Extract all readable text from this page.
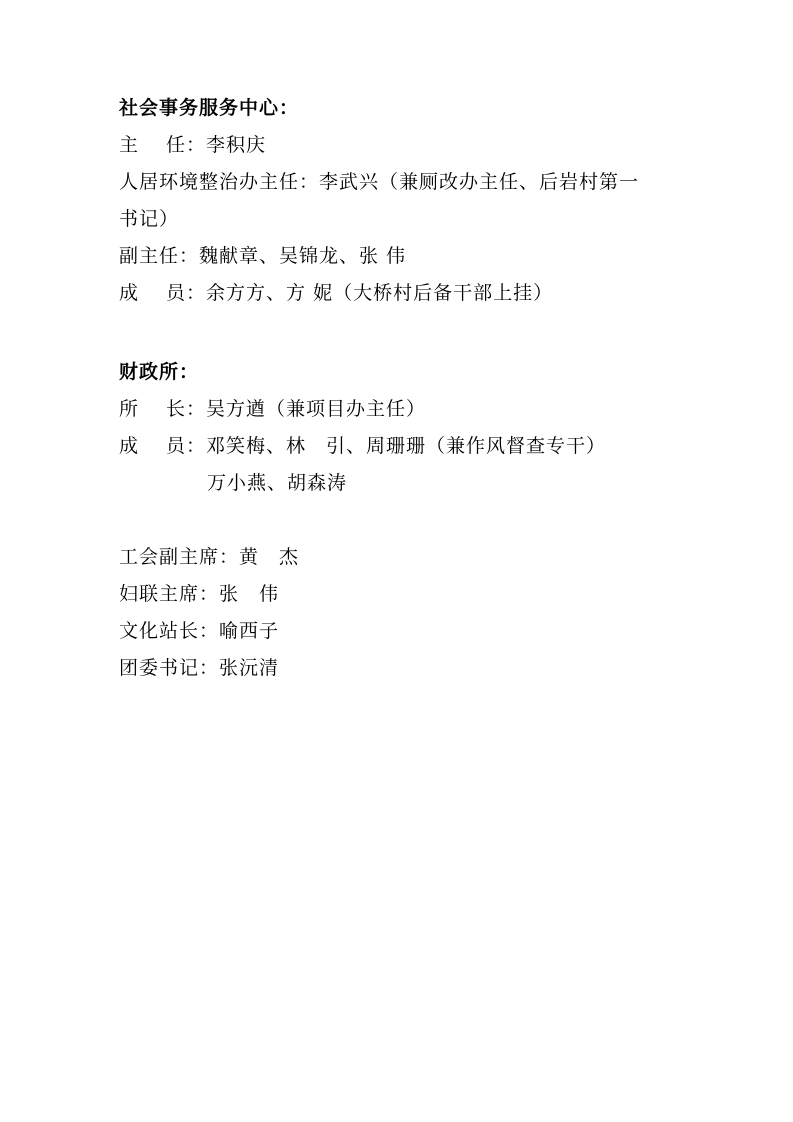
社会事务服务中心：
主　 任：李积庆
人居环境整治办主任：李武兴（兼厕改办主任、后岩村第一
书记）
副主任：魏献章、吴锦龙、张 伟
成　 员：余方方、方 妮（大桥村后备干部上挂）
财政所：
所　 长：吴方遒（兼项目办主任）
成　 员：邓笑梅、林　引、周珊珊（兼作风督查专干）
万小燕、胡森涛
工会副主席：黄　杰
妇联主席：张　伟
文化站长：喻西子
团委书记：张沅清
